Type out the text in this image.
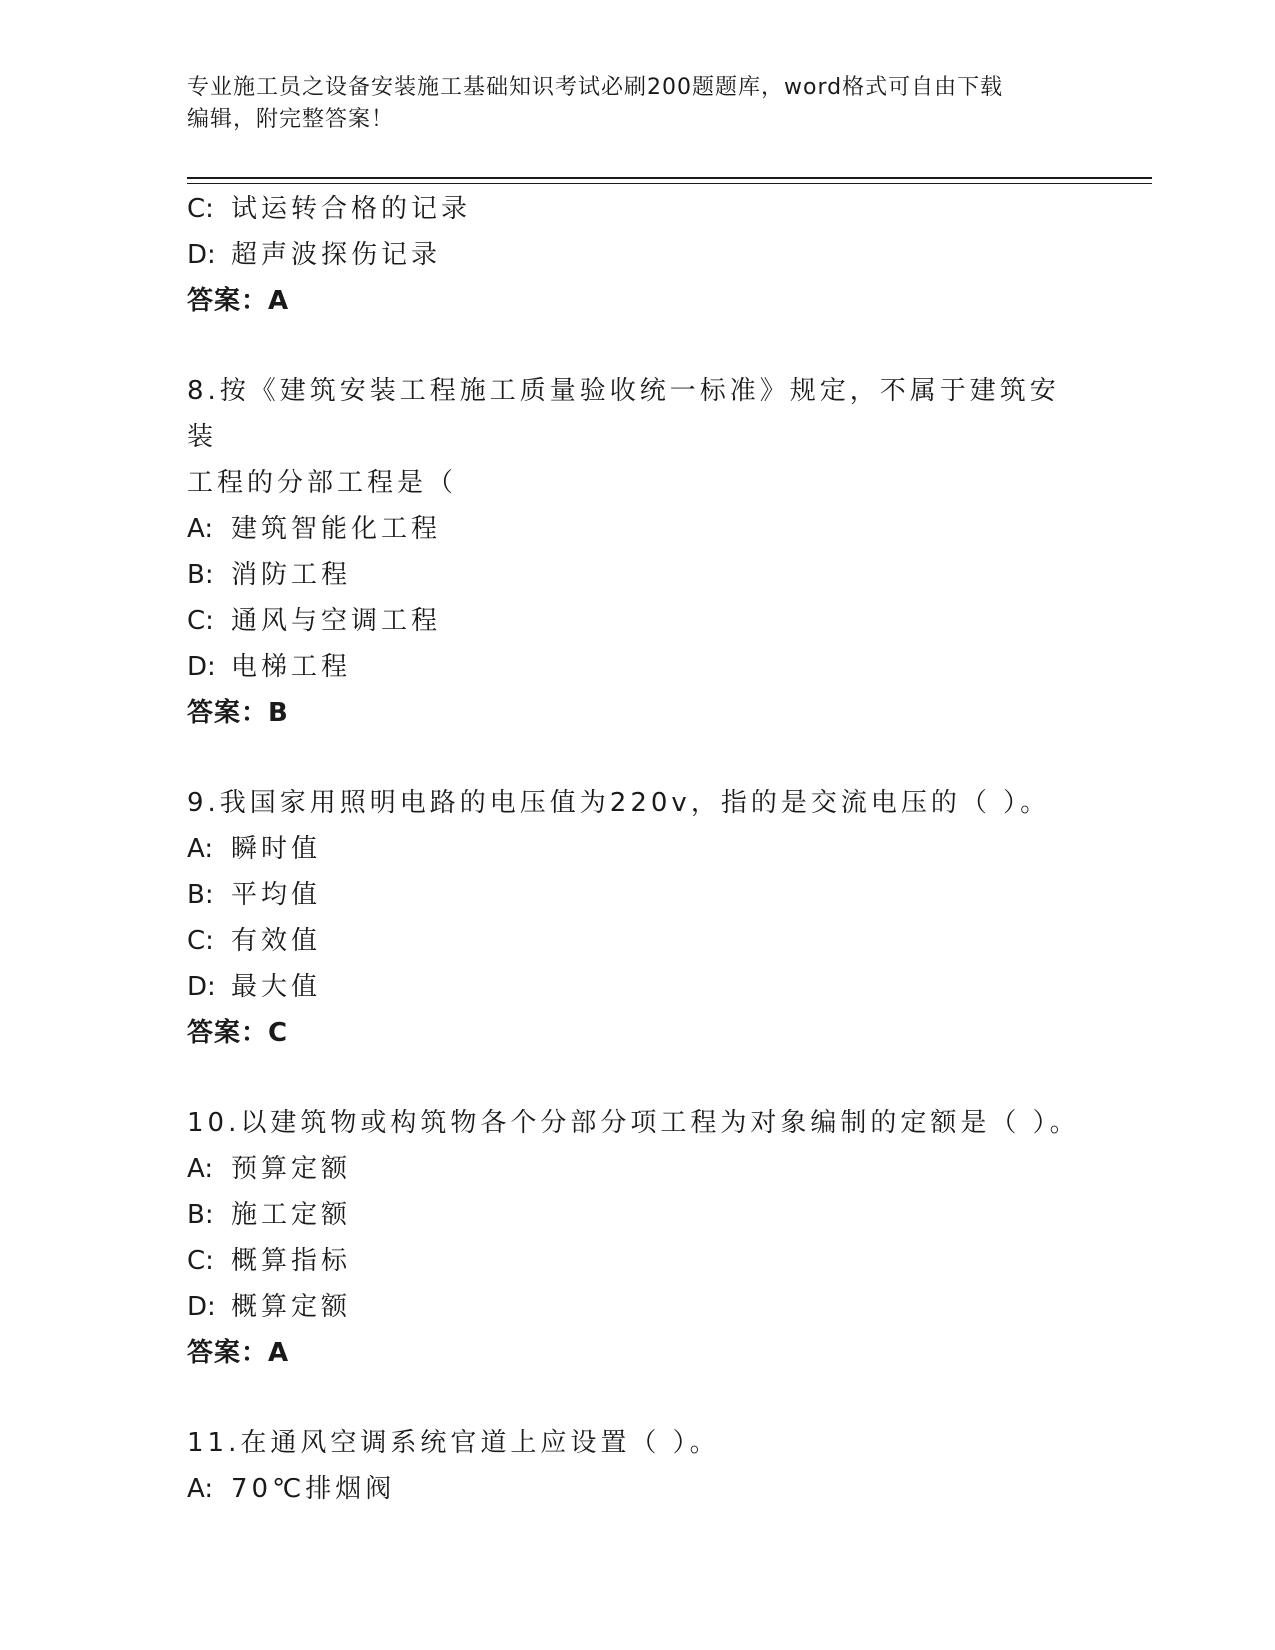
专业施工员之设备安装施工基础知识考试必刷200题题库，word格式可自由下载
编辑，附完整答案！
C: 试运转合格的记录
D: 超声波探伤记录
答案：A
8.按《建筑安装工程施工质量验收统一标准》规定，不属于建筑安装
工程的分部工程是（
A: 建筑智能化工程
B: 消防工程
C: 通风与空调工程
D: 电梯工程
答案：B
9.我国家用照明电路的电压值为220v，指的是交流电压的（ ）。
A: 瞬时值
B: 平均值
C: 有效值
D: 最大值
答案：C
10.以建筑物或构筑物各个分部分项工程为对象编制的定额是（ ）。
A: 预算定额
B: 施工定额
C: 概算指标
D: 概算定额
答案：A
11.在通风空调系统官道上应设置（ ）。
A: 70℃排烟阀
